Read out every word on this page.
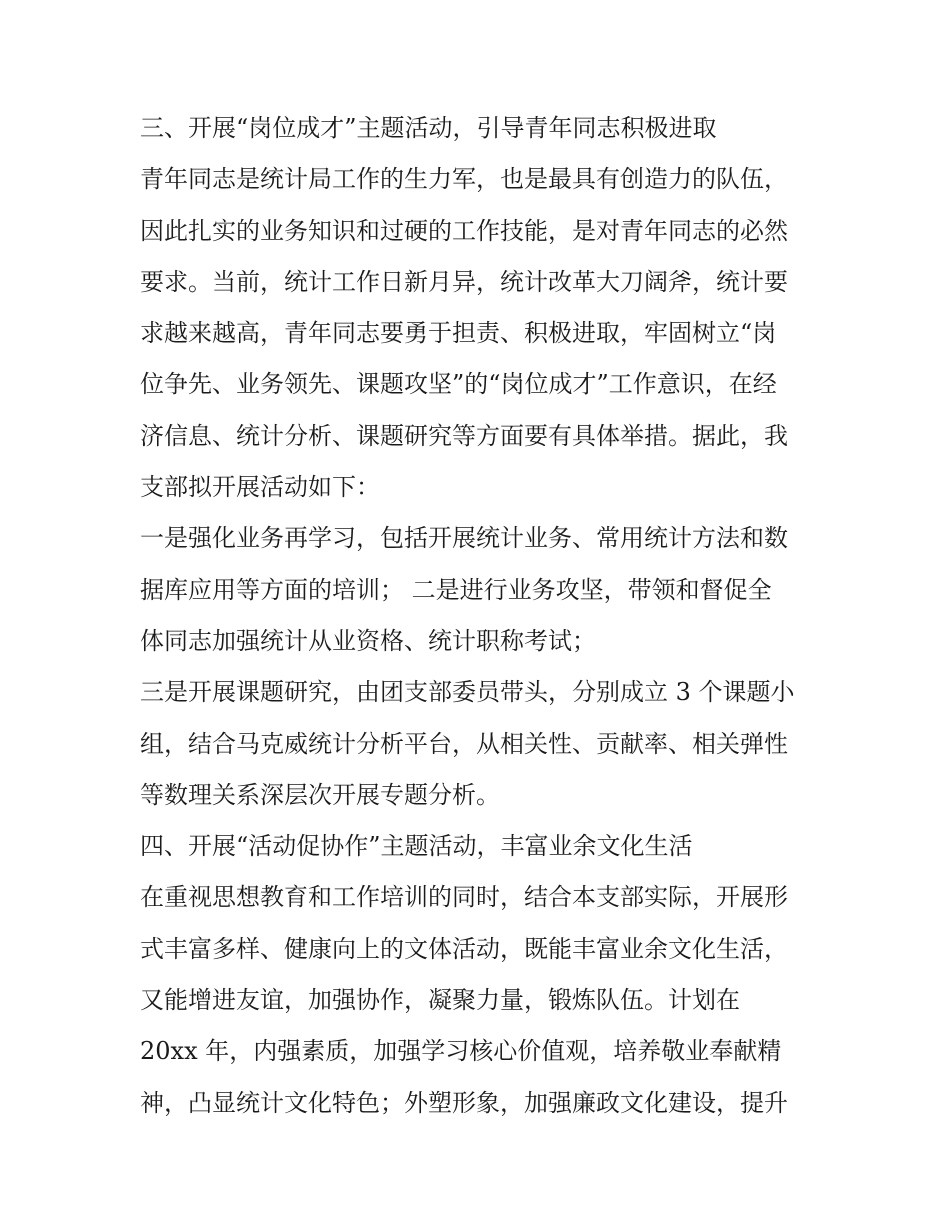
三、开展“岗位成才”主题活动，引导青年同志积极进取
青年同志是统计局工作的生力军，也是最具有创造力的队伍，
因此扎实的业务知识和过硬的工作技能，是对青年同志的必然
要求。当前，统计工作日新月异，统计改革大刀阔斧，统计要
求越来越高，青年同志要勇于担责、积极进取，牢固树立“岗
位争先、业务领先、课题攻坚”的“岗位成才”工作意识，在经
济信息、统计分析、课题研究等方面要有具体举措。据此，我
支部拟开展活动如下：
一是强化业务再学习，包括开展统计业务、常用统计方法和数
据库应用等方面的培训； 二是进行业务攻坚，带领和督促全
体同志加强统计从业资格、统计职称考试；
三是开展课题研究，由团支部委员带头，分别成立 3 个课题小
组，结合马克威统计分析平台，从相关性、贡献率、相关弹性
等数理关系深层次开展专题分析。
四、开展“活动促协作”主题活动，丰富业余文化生活
在重视思想教育和工作培训的同时，结合本支部实际，开展形
式丰富多样、健康向上的文体活动，既能丰富业余文化生活，
又能增进友谊，加强协作，凝聚力量，锻炼队伍。计划在
20xx 年，内强素质，加强学习核心价值观，培养敬业奉献精
神，凸显统计文化特色；外塑形象，加强廉政文化建设，提升
